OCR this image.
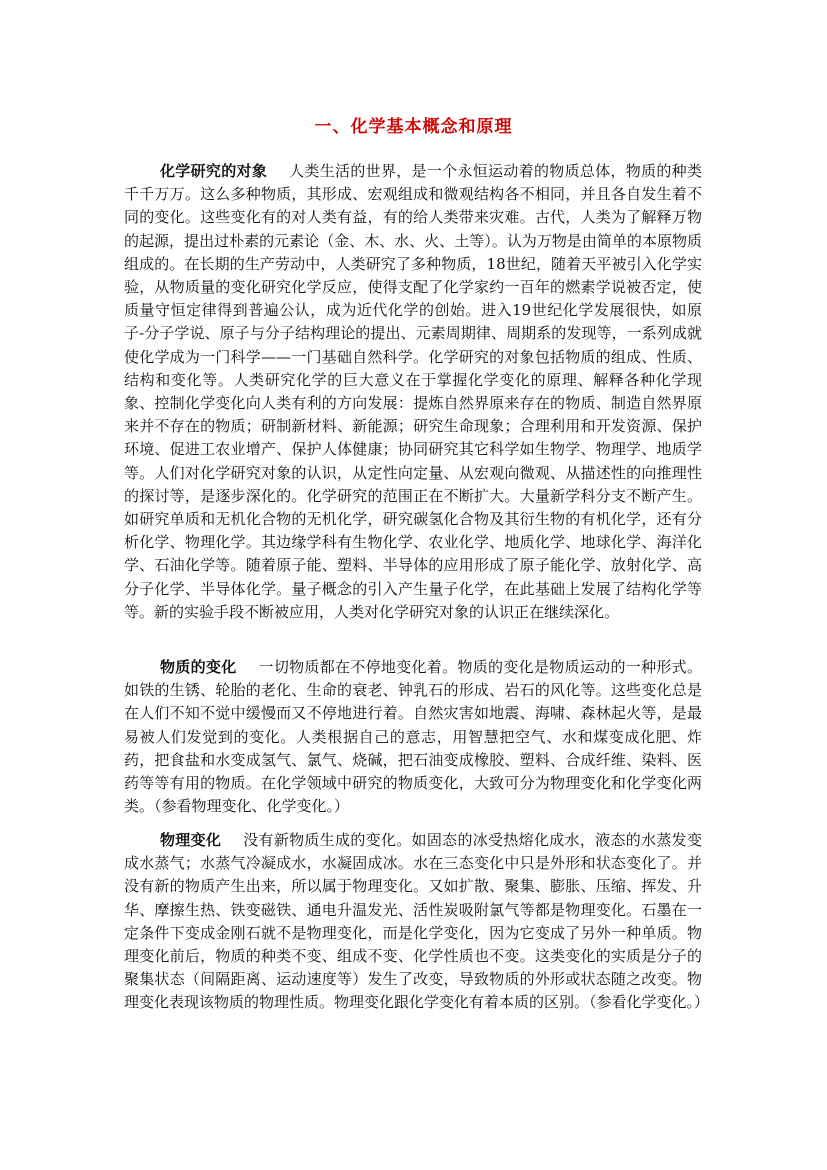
一、化学基本概念和原理

化学研究的对象 人类生活的世界，是一个永恒运动着的物质总体，物质的种类千千万万。这么多种物质，其形成、宏观组成和微观结构各不相同，并且各自发生着不同的变化。这些变化有的对人类有益，有的给人类带来灾难。古代，人类为了解释万物的起源，提出过朴素的元素论（金、木、水、火、土等）。认为万物是由简单的本原物质组成的。在长期的生产劳动中，人类研究了多种物质，18世纪，随着天平被引入化学实验，从物质量的变化研究化学反应，使得支配了化学家约一百年的燃素学说被否定，使质量守恒定律得到普遍公认，成为近代化学的创始。进入19世纪化学发展很快，如原子-分子学说、原子与分子结构理论的提出、元素周期律、周期系的发现等，一系列成就使化学成为一门科学——一门基础自然科学。化学研究的对象包括物质的组成、性质、结构和变化等。人类研究化学的巨大意义在于掌握化学变化的原理、解释各种化学现象、控制化学变化向人类有利的方向发展：提炼自然界原来存在的物质、制造自然界原来并不存在的物质；研制新材料、新能源；研究生命现象；合理利用和开发资源、保护环境、促进工农业增产、保护人体健康；协同研究其它科学如生物学、物理学、地质学等。人们对化学研究对象的认识，从定性向定量、从宏观向微观、从描述性的向推理性的探讨等，是逐步深化的。化学研究的范围正在不断扩大。大量新学科分支不断产生。如研究单质和无机化合物的无机化学，研究碳氢化合物及其衍生物的有机化学，还有分析化学、物理化学。其边缘学科有生物化学、农业化学、地质化学、地球化学、海洋化学、石油化学等。随着原子能、塑料、半导体的应用形成了原子能化学、放射化学、高分子化学、半导体化学。量子概念的引入产生量子化学，在此基础上发展了结构化学等等。新的实验手段不断被应用，人类对化学研究对象的认识正在继续深化。

物质的变化 一切物质都在不停地变化着。物质的变化是物质运动的一种形式。如铁的生锈、轮胎的老化、生命的衰老、钟乳石的形成、岩石的风化等。这些变化总是在人们不知不觉中缓慢而又不停地进行着。自然灾害如地震、海啸、森林起火等，是最易被人们发觉到的变化。人类根据自己的意志，用智慧把空气、水和煤变成化肥、炸药，把食盐和水变成氢气、氯气、烧碱，把石油变成橡胶、塑料、合成纤维、染料、医药等等有用的物质。在化学领域中研究的物质变化，大致可分为物理变化和化学变化两类。（参看物理变化、化学变化。）

物理变化 没有新物质生成的变化。如固态的冰受热熔化成水，液态的水蒸发变成水蒸气；水蒸气冷凝成水，水凝固成冰。水在三态变化中只是外形和状态变化了。并没有新的物质产生出来，所以属于物理变化。又如扩散、聚集、膨胀、压缩、挥发、升华、摩擦生热、铁变磁铁、通电升温发光、活性炭吸附氯气等都是物理变化。石墨在一定条件下变成金刚石就不是物理变化，而是化学变化，因为它变成了另外一种单质。物理变化前后，物质的种类不变、组成不变、化学性质也不变。这类变化的实质是分子的聚集状态（间隔距离、运动速度等）发生了改变，导致物质的外形或状态随之改变。物理变化表现该物质的物理性质。物理变化跟化学变化有着本质的区别。（参看化学变化。）
